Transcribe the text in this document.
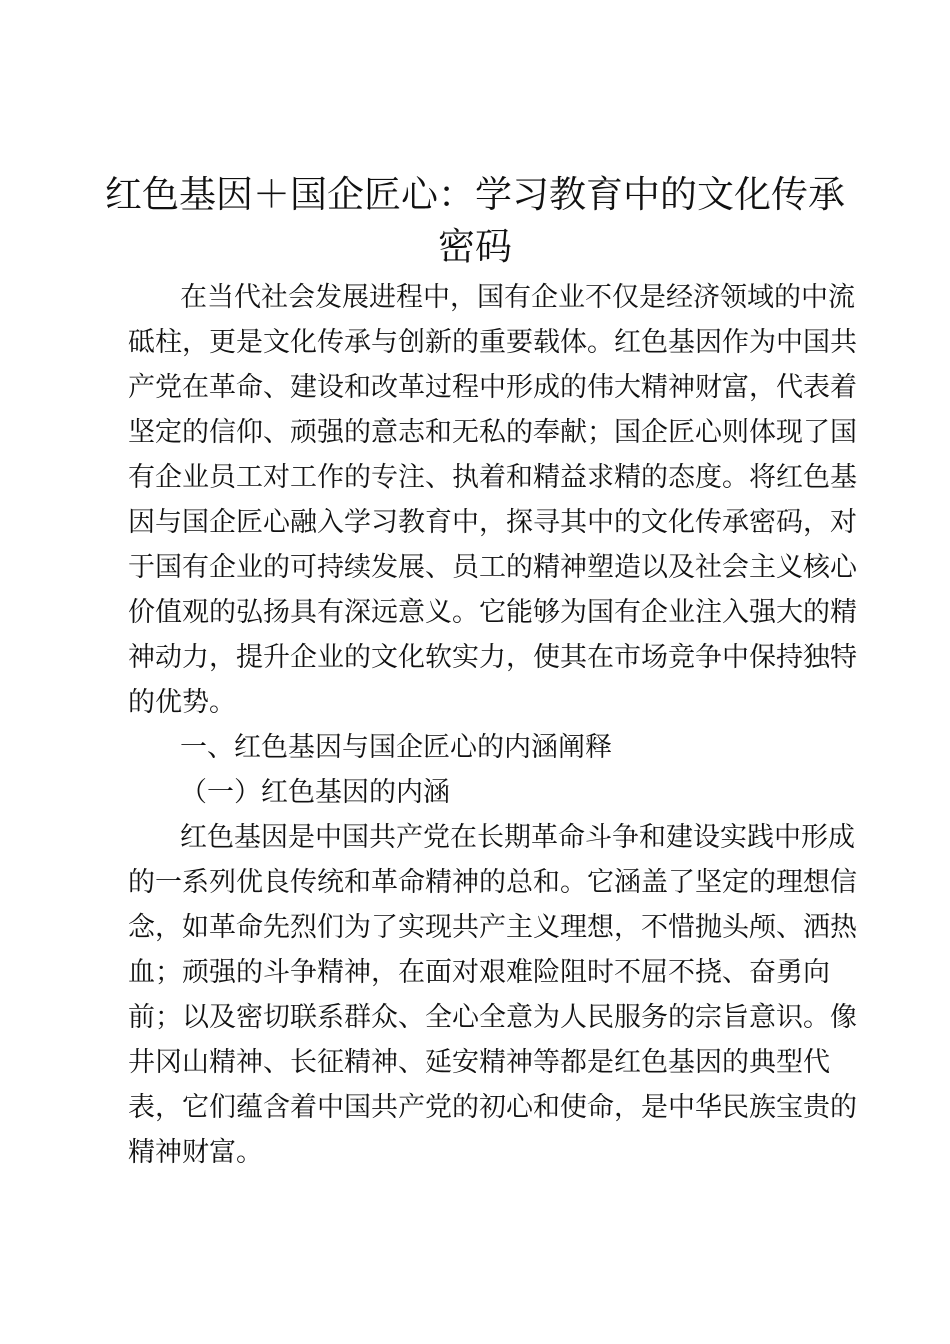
红色基因＋国企匠心：学习教育中的文化传承
密码

在当代社会发展进程中，国有企业不仅是经济领域的中流

砥柱，更是文化传承与创新的重要载体。红色基因作为中国共

产党在革命、建设和改革过程中形成的伟大精神财富，代表着

坚定的信仰、顽强的意志和无私的奉献；国企匠心则体现了国

有企业员工对工作的专注、执着和精益求精的态度。将红色基

因与国企匠心融入学习教育中，探寻其中的文化传承密码，对

于国有企业的可持续发展、员工的精神塑造以及社会主义核心

价值观的弘扬具有深远意义。它能够为国有企业注入强大的精

神动力，提升企业的文化软实力，使其在市场竞争中保持独特

的优势。

一、红色基因与国企匠心的内涵阐释

（一）红色基因的内涵

红色基因是中国共产党在长期革命斗争和建设实践中形成

的一系列优良传统和革命精神的总和。它涵盖了坚定的理想信

念，如革命先烈们为了实现共产主义理想，不惜抛头颅、洒热

血；顽强的斗争精神，在面对艰难险阻时不屈不挠、奋勇向

前；以及密切联系群众、全心全意为人民服务的宗旨意识。像

井冈山精神、长征精神、延安精神等都是红色基因的典型代

表，它们蕴含着中国共产党的初心和使命，是中华民族宝贵的

精神财富。
